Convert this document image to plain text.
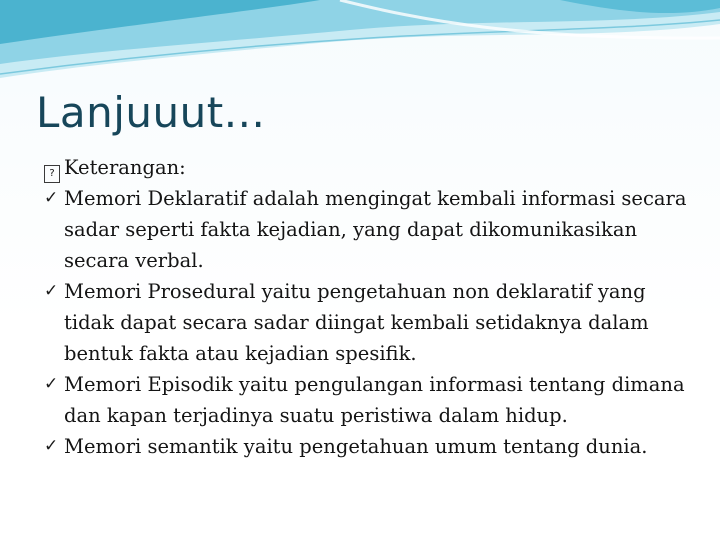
Lanjuuut...
? Keterangan:
✓ Memori Deklaratif adalah mengingat kembali informasi secara sadar seperti fakta kejadian, yang dapat dikomunikasikan secara verbal.
✓ Memori Prosedural yaitu pengetahuan non deklaratif yang tidak dapat secara sadar diingat kembali setidaknya dalam bentuk fakta atau kejadian spesifik.
✓ Memori Episodik yaitu pengulangan informasi tentang dimana dan kapan terjadinya suatu peristiwa dalam hidup.
✓ Memori semantik yaitu pengetahuan umum tentang dunia.
